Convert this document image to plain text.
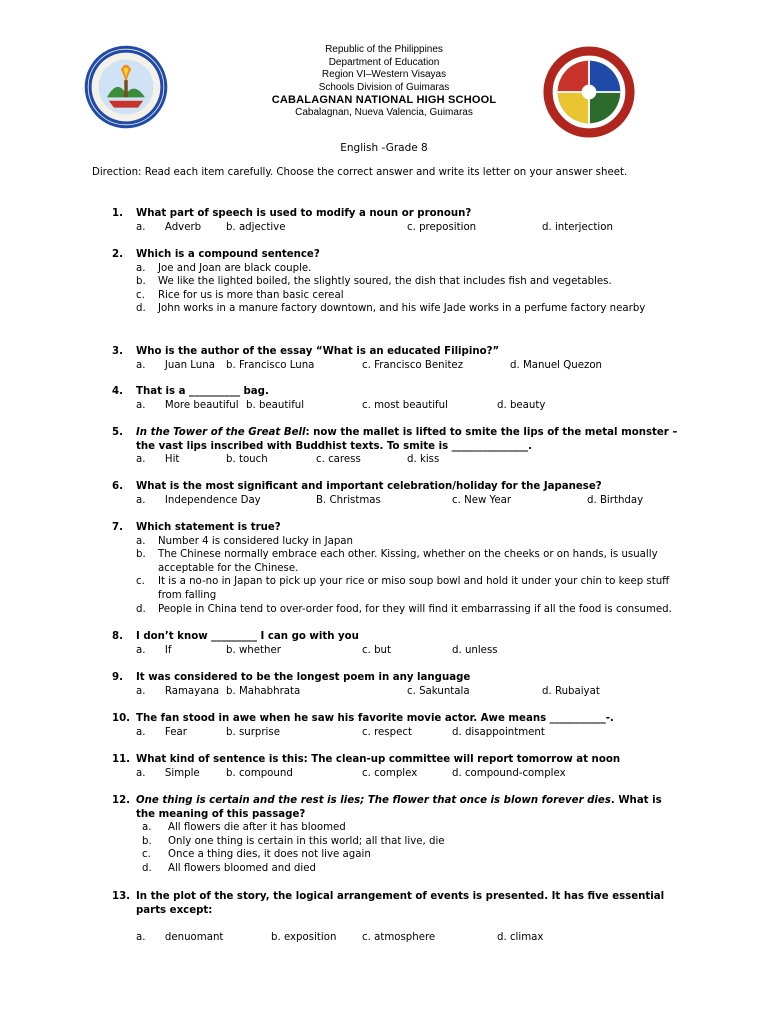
Republic of the Philippines
Department of Education
Region VI–Western Visayas
Schools Division of Guimaras
CABALAGNAN NATIONAL HIGH SCHOOL
Cabalagnan, Nueva Valencia, Guimaras
English -Grade 8
Direction: Read each item carefully. Choose the correct answer and write its letter on your answer sheet.
1. What part of speech is used to modify a noun or pronoun?
a.      Adverb b. adjective	c. preposition	d. interjection
2. Which is a compound sentence?
a. Joe and Joan are black couple.
b. We like the lighted boiled, the slightly soured, the dish that includes fish and vegetables.
c. Rice for us is more than basic cereal
d. John works in a manure factory downtown, and his wife Jade works in a perfume factory nearby
3. Who is the author of the essay “What is an educated Filipino?”
a.      Juan Luna b. Francisco Luna	c. Francisco Benitez	d. Manuel Quezon
4. That is a __________ bag.
a.      More beautiful b. beautiful	c. most beautiful	d. beauty
5. In the Tower of the Great Bell: now the mallet is lifted to smite the lips of the metal monster – the vast lips inscribed with Buddhist texts. To smite is _______________.
a.      Hit	b. touch	c. caress	d. kiss
6. What is the most significant and important celebration/holiday for the Japanese?
a.      Independence Day	B. Christmas	c. New Year	d. Birthday
7. Which statement is true?
a. Number 4 is considered lucky in Japan
b. The Chinese normally embrace each other. Kissing, whether on the cheeks or on hands, is usually acceptable for the Chinese.
c. It is a no-no in Japan to pick up your rice or miso soup bowl and hold it under your chin to keep stuff from falling
d. People in China tend to over-order food, for they will find it embarrassing if all the food is consumed.
8. I don’t know _________ I can go with you
a.      If	b. whether	c. but	d. unless
9. It was considered to be the longest poem in any language
a.      Ramayana b. Mahabhrata	c. Sakuntala	d. Rubaiyat
10. The fan stood in awe when he saw his favorite movie actor. Awe means ___________-.
a.      Fear	b. surprise	c. respect	d. disappointment
11. What kind of sentence is this: The clean-up committee will report tomorrow at noon
a.      Simple	b. compound	c. complex	d. compound-complex
12. One thing is certain and the rest is lies; The flower that once is blown forever dies. What is the meaning of this passage?
a. All flowers die after it has bloomed
b. Only one thing is certain in this world; all that live, die
c. Once a thing dies, it does not live again
d. All flowers bloomed and died
13. In the plot of the story, the logical arrangement of events is presented. It has five essential parts except:
a.      denuomant	b. exposition	c. atmosphere	d. climax
